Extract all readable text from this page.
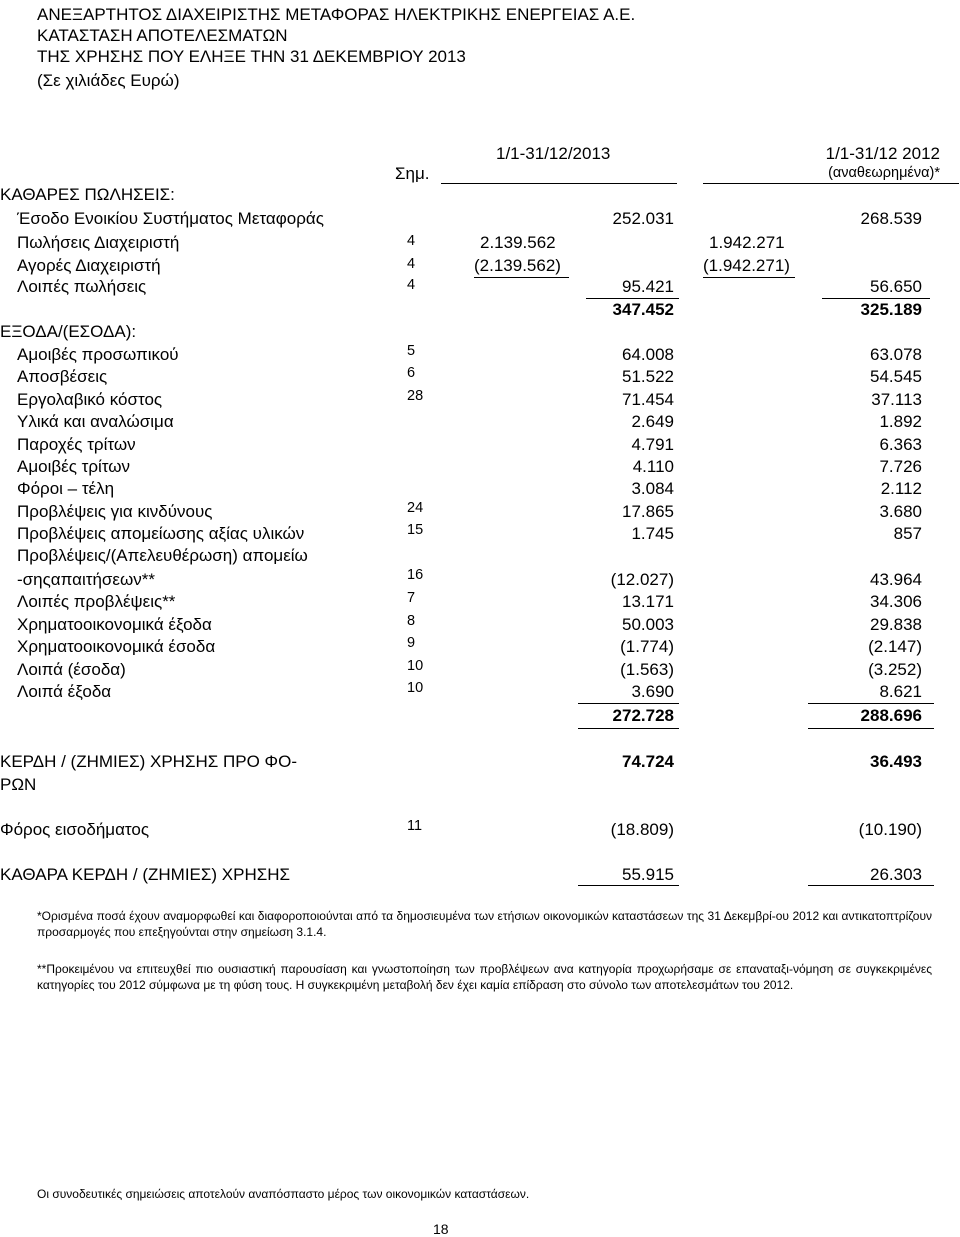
ΑΝΕΞΑΡΤΗΤΟΣ ΔΙΑΧΕΙΡΙΣΤΗΣ ΜΕΤΑΦΟΡΑΣ ΗΛΕΚΤΡΙΚΗΣ ΕΝΕΡΓΕΙΑΣ Α.Ε.
ΚΑΤΑΣΤΑΣΗ ΑΠΟΤΕΛΕΣΜΑΤΩΝ
ΤΗΣ ΧΡΗΣΗΣ ΠΟΥ ΕΛΗΞΕ ΤΗΝ 31 ΔΕΚΕΜΒΡΙΟΥ 2013
(Σε χιλιάδες Ευρώ)
1/1-31/12/2013	1/1-31/12 2012
Σημ.	(αναθεωρημένα)*
ΚΑΘΑΡΕΣ ΠΩΛΗΣΕΙΣ:
Έσοδο Ενοικίου Συστήματος Μεταφοράς	252.031	268.539
Πωλήσεις Διαχειριστή	4	2.139.562	1.942.271
Αγορές Διαχειριστή	4	(2.139.562)	(1.942.271)
Λοιπές πωλήσεις	4	95.421	56.650
347.452	325.189
ΕΞΟΔΑ/(ΕΣΟΔΑ):
Αμοιβές προσωπικού	5	64.008	63.078
Αποσβέσεις	6	51.522	54.545
Εργολαβικό κόστος	28	71.454	37.113
Υλικά και αναλώσιμα	2.649	1.892
Παροχές τρίτων	4.791	6.363
Αμοιβές τρίτων	4.110	7.726
Φόροι – τέλη	3.084	2.112
Προβλέψεις για κινδύνους	24	17.865	3.680
Προβλέψεις απομείωσης αξίας υλικών	15	1.745	857
Προβλέψεις/(Απελευθέρωση) απομείω
-σηςαπαιτήσεων**	16	(12.027)	43.964
Λοιπές προβλέψεις**	7	13.171	34.306
Χρηματοοικονομικά έξοδα	8	50.003	29.838
Χρηματοοικονομικά έσοδα	9	(1.774)	(2.147)
Λοιπά (έσοδα)	10	(1.563)	(3.252)
Λοιπά έξοδα	10	3.690	8.621
272.728	288.696
ΚΕΡΔΗ / (ΖΗΜΙΕΣ) ΧΡΗΣΗΣ ΠΡΟ ΦΟ-
ΡΩΝ
74.724	36.493
Φόρος εισοδήματος	11	(18.809)	(10.190)
ΚΑΘΑΡΑ ΚΕΡΔΗ / (ΖΗΜΙΕΣ) ΧΡΗΣΗΣ	55.915	26.303
*Ορισμένα ποσά έχουν αναμορφωθεί και διαφοροποιούνται από τα δημοσιευμένα των ετήσιων οικονομικών καταστάσεων της 31 Δεκεμβρί-ου 2012 και αντικατοπτρίζουν προσαρμογές που επεξηγούνται στην σημείωση 3.1.4.
**Προκειμένου να επιτευχθεί πιο ουσιαστική παρουσίαση και γνωστοποίηση των προβλέψεων ανα κατηγορία προχωρήσαμε σε επαναταξι-νόμηση σε συγκεκριμένες κατηγορίες του 2012 σύμφωνα με τη φύση τους. Η συγκεκριμένη μεταβολή δεν έχει καμία επίδραση στο σύνολο των αποτελεσμάτων του 2012.
Οι συνοδευτικές σημειώσεις αποτελούν αναπόσπαστο μέρος των οικονομικών καταστάσεων.
18
